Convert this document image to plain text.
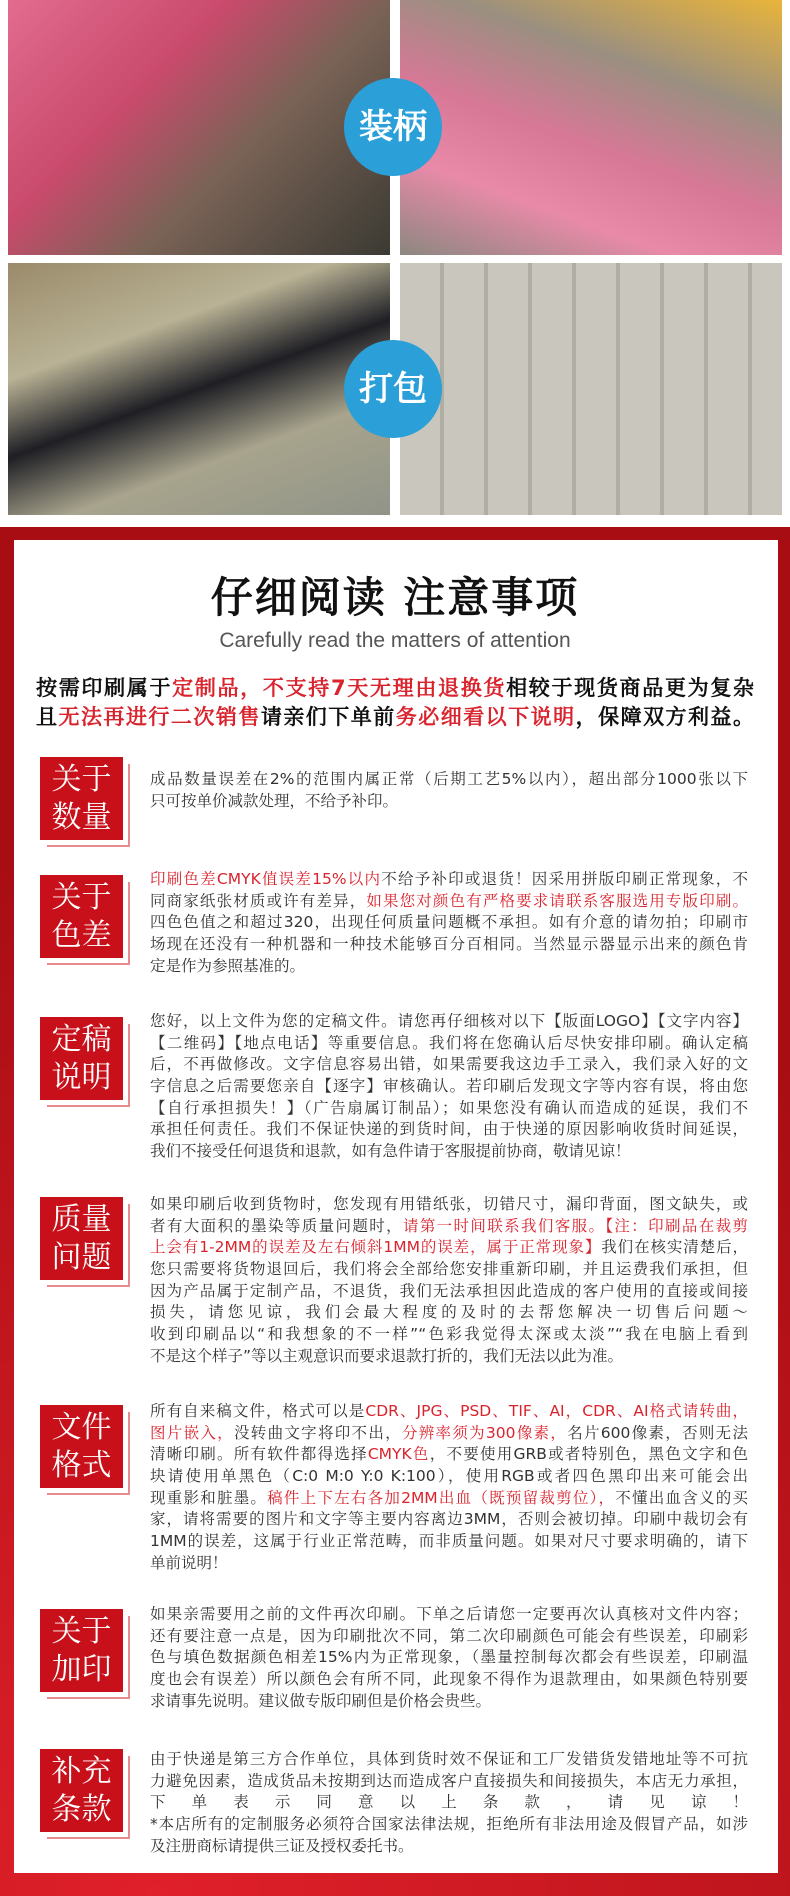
装柄
打包
仔细阅读 注意事项
Carefully read the matters of attention
按需印刷属于定制品，不支持7天无理由退换货相较于现货商品更为复杂
且无法再进行二次销售请亲们下单前务必细看以下说明，保障双方利益。
关于
数量
成品数量误差在2%的范围内属正常（后期工艺5%以内），超出部分1000张以下
只可按单价减款处理，不给予补印。
关于
色差
印刷色差CMYK值误差15%以内不给予补印或退货！因采用拼版印刷正常现象，不
同商家纸张材质或许有差异，如果您对颜色有严格要求请联系客服选用专版印刷。
四色色值之和超过320，出现任何质量问题概不承担。如有介意的请勿拍；印刷市
场现在还没有一种机器和一种技术能够百分百相同。当然显示器显示出来的颜色肯
定是作为参照基准的。
定稿
说明
您好，以上文件为您的定稿文件。请您再仔细核对以下【版面LOGO】【文字内容】
【二维码】【地点电话】等重要信息。我们将在您确认后尽快安排印刷。确认定稿
后，不再做修改。文字信息容易出错，如果需要我这边手工录入，我们录入好的文
字信息之后需要您亲自【逐字】审核确认。若印刷后发现文字等内容有误，将由您
【自行承担损失！】（广告扇属订制品）；如果您没有确认而造成的延误，我们不
承担任何责任。我们不保证快递的到货时间，由于快递的原因影响收货时间延误，
我们不接受任何退货和退款，如有急件请于客服提前协商，敬请见谅！
质量
问题
如果印刷后收到货物时，您发现有用错纸张，切错尺寸，漏印背面，图文缺失，或
者有大面积的墨染等质量问题时，请第一时间联系我们客服。【注：印刷品在裁剪
上会有1-2MM的误差及左右倾斜1MM的误差，属于正常现象】我们在核实清楚后，
您只需要将货物退回后，我们将会全部给您安排重新印刷，并且运费我们承担，但
因为产品属于定制产品，不退货，我们无法承担因此造成的客户使用的直接或间接
损失，请您见谅，我们会最大程度的及时的去帮您解决一切售后问题～
收到印刷品以“和我想象的不一样”“色彩我觉得太深或太淡”“我在电脑上看到
不是这个样子”等以主观意识而要求退款打折的，我们无法以此为准。
文件
格式
所有自来稿文件，格式可以是CDR、JPG、PSD、TIF、AI，CDR、AI格式请转曲，
图片嵌入，没转曲文字将印不出，分辨率须为300像素，名片600像素，否则无法
清晰印刷。所有软件都得选择CMYK色，不要使用GRB或者特别色，黑色文字和色
块请使用单黑色（C:0 M:0 Y:0 K:100），使用RGB或者四色黑印出来可能会出
现重影和脏墨。稿件上下左右各加2MM出血（既预留裁剪位），不懂出血含义的买
家，请将需要的图片和文字等主要内容离边3MM，否则会被切掉。印刷中裁切会有
1MM的误差，这属于行业正常范畴，而非质量问题。如果对尺寸要求明确的，请下
单前说明！
关于
加印
如果亲需要用之前的文件再次印刷。下单之后请您一定要再次认真核对文件内容；
还有要注意一点是，因为印刷批次不同，第二次印刷颜色可能会有些误差，印刷彩
色与填色数据颜色相差15%内为正常现象，（墨量控制每次都会有些误差，印刷温
度也会有误差）所以颜色会有所不同，此现象不得作为退款理由，如果颜色特别要
求请事先说明。建议做专版印刷但是价格会贵些。
补充
条款
由于快递是第三方合作单位，具体到货时效不保证和工厂发错货发错地址等不可抗
力避免因素，造成货品未按期到达而造成客户直接损失和间接损失，本店无力承担，
下单表示同意以上条款，请见谅！
*本店所有的定制服务必须符合国家法律法规，拒绝所有非法用途及假冒产品，如涉
及注册商标请提供三证及授权委托书。
